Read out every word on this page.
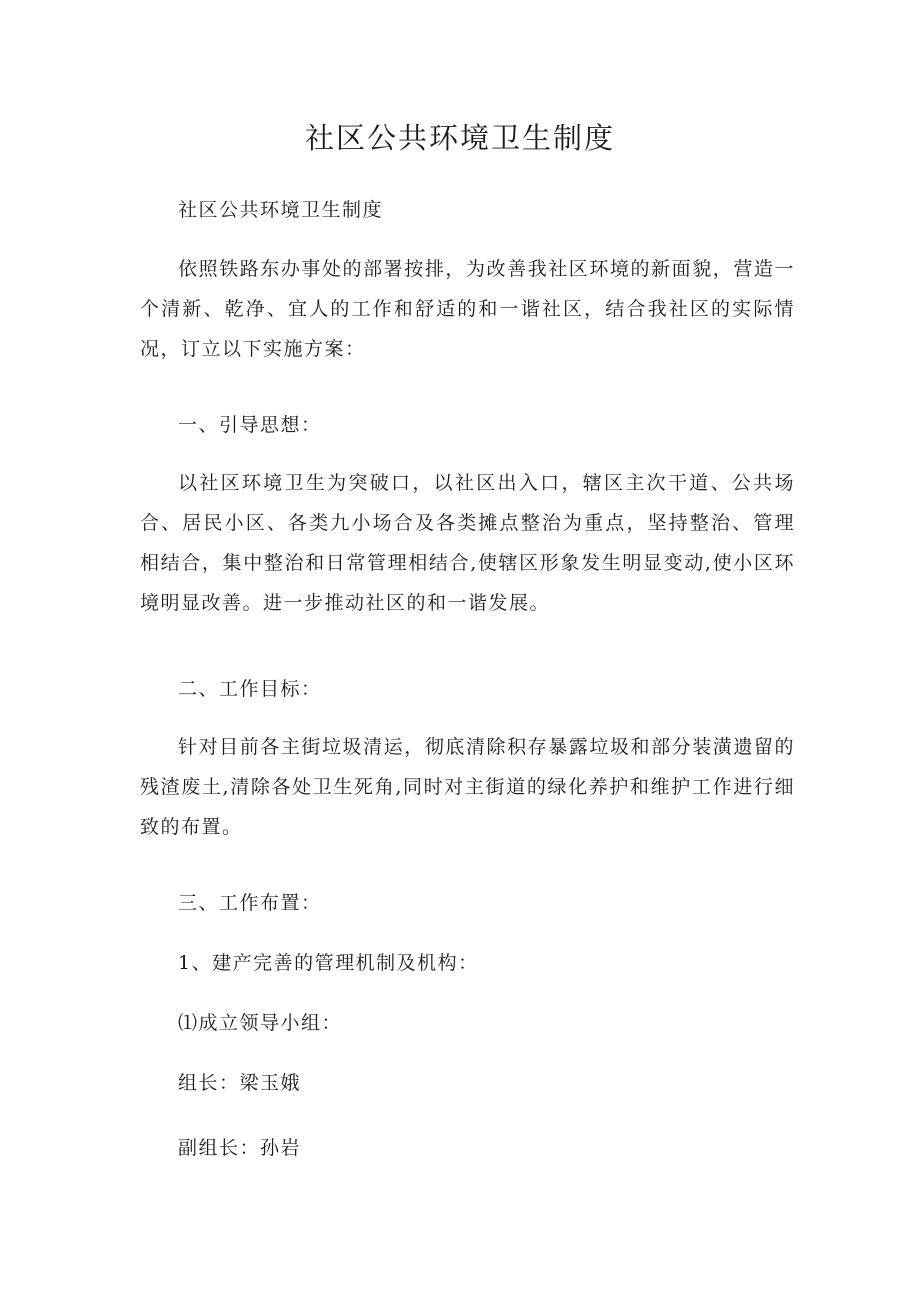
社区公共环境卫生制度

社区公共环境卫生制度

依照铁路东办事处的部署按排，为改善我社区环境的新面貌，营造一个清新、乾净、宜人的工作和舒适的和一谐社区，结合我社区的实际情况，订立以下实施方案：

一、引导思想：

以社区环境卫生为突破口，以社区出入口，辖区主次干道、公共场合、居民小区、各类九小场合及各类摊点整治为重点，坚持整治、管理相结合，集中整治和日常管理相结合,使辖区形象发生明显变动,使小区环境明显改善。进一步推动社区的和一谐发展。

二、工作目标：

针对目前各主街垃圾清运，彻底清除积存暴露垃圾和部分装潢遗留的残渣废土,清除各处卫生死角,同时对主街道的绿化养护和维护工作进行细致的布置。

三、工作布置：

1、建产完善的管理机制及机构：

⑴成立领导小组：

组长：梁玉娥

副组长：孙岩
